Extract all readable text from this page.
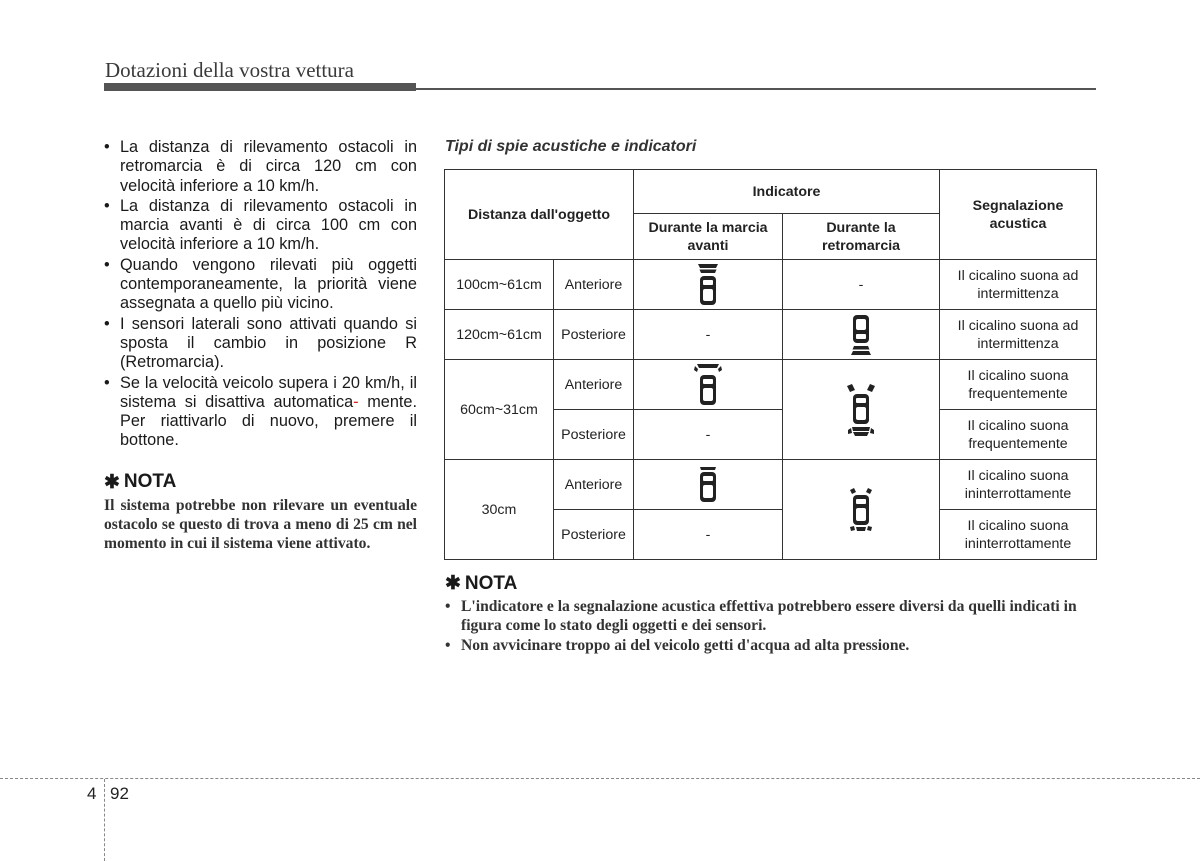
Dotazioni della vostra vettura
• La distanza di rilevamento ostacoli in retromarcia è di circa 120 cm con velocità inferiore a 10 km/h.
• La distanza di rilevamento ostacoli in marcia avanti è di circa 100 cm con velocità inferiore a 10 km/h.
• Quando vengono rilevati più oggetti contemporaneamente, la priorità viene assegnata a quello più vicino.
• I sensori laterali sono attivati quando si sposta il cambio in posizione R (Retromarcia).
• Se la velocità veicolo supera i 20 km/h, il sistema si disattiva automatica- mente. Per riattivarlo di nuovo, premere il bottone.
✱ NOTA
Il sistema potrebbe non rilevare un eventuale ostacolo se questo di trova a meno di 25 cm nel momento in cui il sistema viene attivato.
Tipi di spie acustiche e indicatori
Distanza dall'oggetto		Indicatore		Segnalazione acustica
		Durante la marcia avanti	Durante la retromarcia	
100cm~61cm	Anteriore		-	Il cicalino suona ad intermittenza
120cm~61cm	Posteriore	-		Il cicalino suona ad intermittenza
60cm~31cm	Anteriore			Il cicalino suona frequentemente
	Posteriore	-		Il cicalino suona frequentemente
30cm	Anteriore			Il cicalino suona ininterrottamente
	Posteriore	-		Il cicalino suona ininterrottamente
✱ NOTA
• L'indicatore e la segnalazione acustica effettiva potrebbero essere diversi da quelli indicati in figura come lo stato degli oggetti e dei sensori.
• Non avvicinare troppo ai del veicolo getti d'acqua ad alta pressione.
4 92
